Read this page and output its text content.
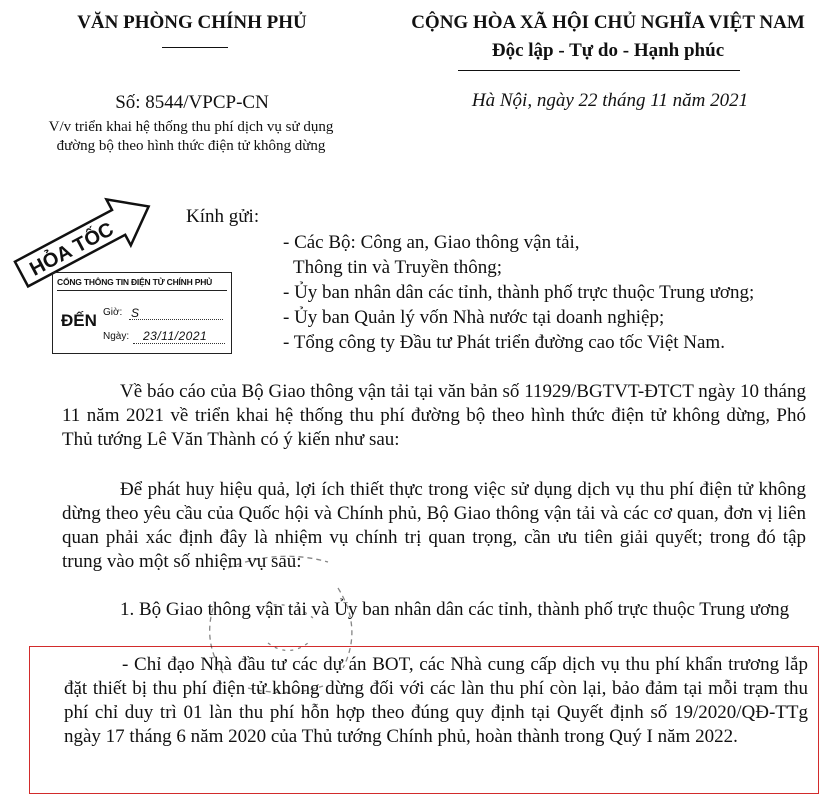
VĂN PHÒNG CHÍNH PHỦ	CỘNG HÒA XÃ HỘI CHỦ NGHĨA VIỆT NAM
Độc lập - Tự do - Hạnh phúc
Số: 8544/VPCP-CN	Hà Nội, ngày 22 tháng 11 năm 2021
V/v triển khai hệ thống thu phí dịch vụ sử dụng
đường bộ theo hình thức điện tử không dừng
HỎA TỐC
CỔNG THÔNG TIN ĐIỆN TỬ CHÍNH PHỦ
ĐẾN Giờ: S
Ngày: 23/11/2021
Kính gửi:
- Các Bộ: Công an, Giao thông vận tải,
Thông tin và Truyền thông;
- Ủy ban nhân dân các tỉnh, thành phố trực thuộc Trung ương;
- Ủy ban Quản lý vốn Nhà nước tại doanh nghiệp;
- Tổng công ty Đầu tư Phát triển đường cao tốc Việt Nam.
Về báo cáo của Bộ Giao thông vận tải tại văn bản số 11929/BGTVT-ĐTCT ngày 10 tháng 11 năm 2021 về triển khai hệ thống thu phí đường bộ theo hình thức điện tử không dừng, Phó Thủ tướng Lê Văn Thành có ý kiến như sau:
Để phát huy hiệu quả, lợi ích thiết thực trong việc sử dụng dịch vụ thu phí điện tử không dừng theo yêu cầu của Quốc hội và Chính phủ, Bộ Giao thông vận tải và các cơ quan, đơn vị liên quan phải xác định đây là nhiệm vụ chính trị quan trọng, cần ưu tiên giải quyết; trong đó tập trung vào một số nhiệm vụ sau:
1. Bộ Giao thông vận tải và Ủy ban nhân dân các tỉnh, thành phố trực thuộc Trung ương
- Chỉ đạo Nhà đầu tư các dự án BOT, các Nhà cung cấp dịch vụ thu phí khẩn trương lắp đặt thiết bị thu phí điện tử không dừng đối với các làn thu phí còn lại, bảo đảm tại mỗi trạm thu phí chỉ duy trì 01 làn thu phí hỗn hợp theo đúng quy định tại Quyết định số 19/2020/QĐ-TTg ngày 17 tháng 6 năm 2020 của Thủ tướng Chính phủ, hoàn thành trong Quý I năm 2022.
